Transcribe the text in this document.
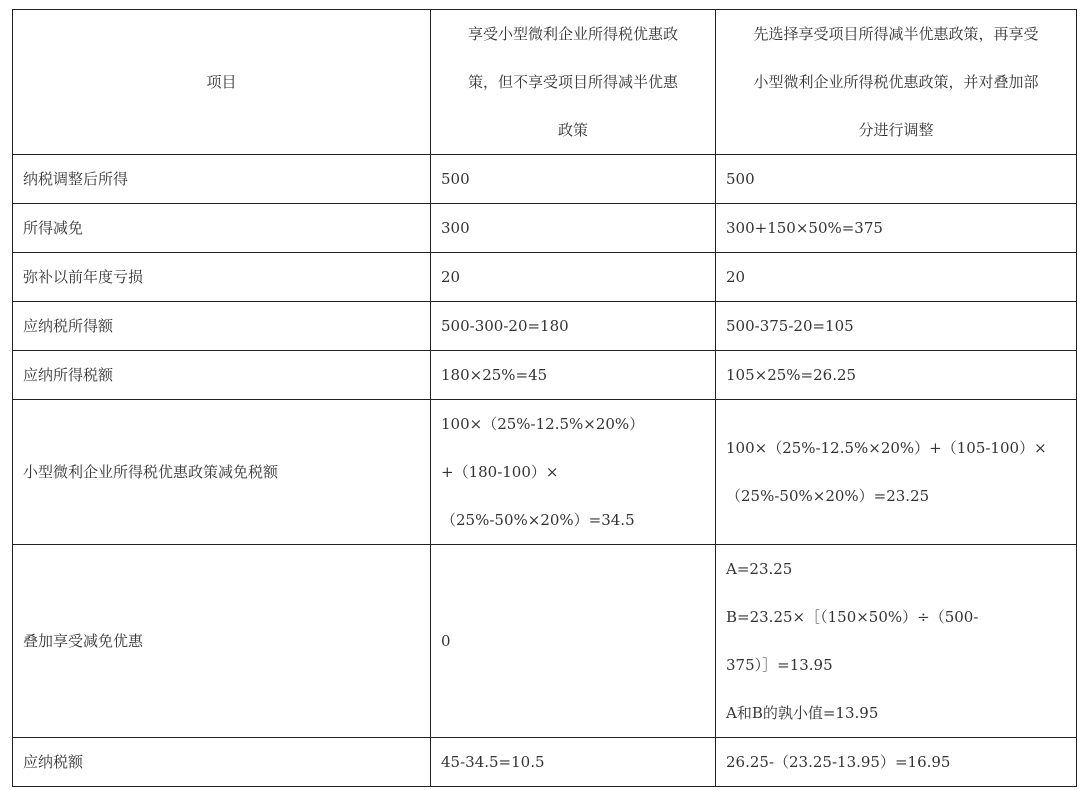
项目	享受小型微利企业所得税优惠政
策，但不享受项目所得减半优惠
政策	先选择享受项目所得减半优惠政策，再享受
小型微利企业所得税优惠政策，并对叠加部
分进行调整

纳税调整后所得	500	500
所得减免	300	300+150×50%=375
弥补以前年度亏损	20	20
应纳税所得额	500-300-20=180	500-375-20=105
应纳所得税额	180×25%=45	105×25%=26.25
小型微利企业所得税优惠政策减免税额	100×（25%-12.5%×20%）
+（180-100）×
（25%-50%×20%）=34.5	100×（25%-12.5%×20%）+（105-100）×
（25%-50%×20%）=23.25

叠加享受减免优惠	0	A=23.25
B=23.25×［（150×50%）÷（500-
375）］=13.95
A和B的孰小值=13.95

应纳税额	45-34.5=10.5	26.25-（23.25-13.95）=16.95
